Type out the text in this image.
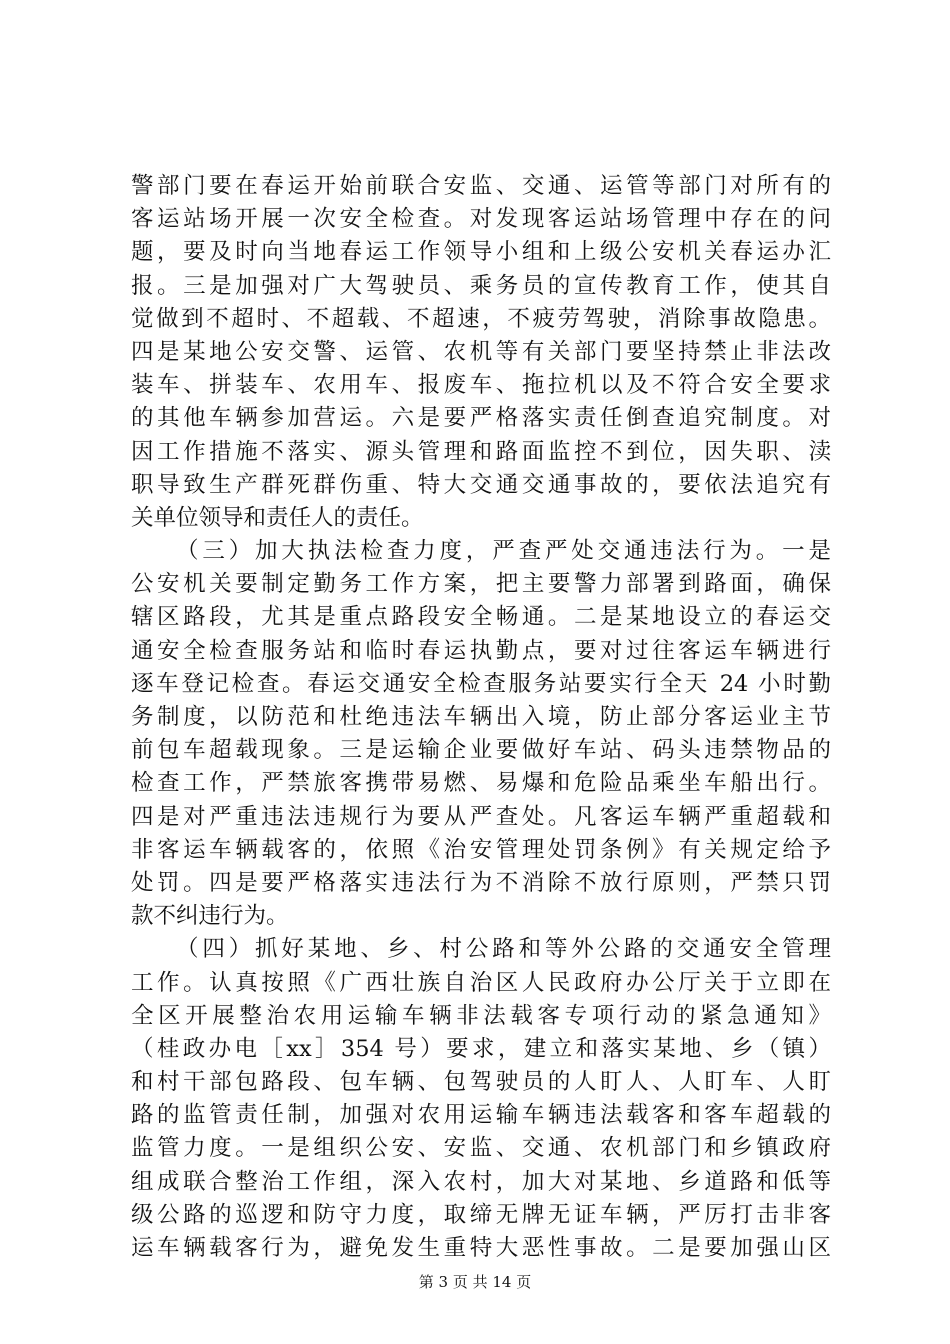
警部门要在春运开始前联合安监、交通、运管等部门对所有的
客运站场开展一次安全检查。对发现客运站场管理中存在的问
题，要及时向当地春运工作领导小组和上级公安机关春运办汇
报。三是加强对广大驾驶员、乘务员的宣传教育工作，使其自
觉做到不超时、不超载、不超速，不疲劳驾驶，消除事故隐患。
四是某地公安交警、运管、农机等有关部门要坚持禁止非法改
装车、拼装车、农用车、报废车、拖拉机以及不符合安全要求
的其他车辆参加营运。六是要严格落实责任倒查追究制度。对
因工作措施不落实、源头管理和路面监控不到位，因失职、渎
职导致生产群死群伤重、特大交通交通事故的，要依法追究有
关单位领导和责任人的责任。
（三）加大执法检查力度，严查严处交通违法行为。一是
公安机关要制定勤务工作方案，把主要警力部署到路面，确保
辖区路段，尤其是重点路段安全畅通。二是某地设立的春运交
通安全检查服务站和临时春运执勤点，要对过往客运车辆进行
逐车登记检查。春运交通安全检查服务站要实行全天 24 小时勤
务制度，以防范和杜绝违法车辆出入境，防止部分客运业主节
前包车超载现象。三是运输企业要做好车站、码头违禁物品的
检查工作，严禁旅客携带易燃、易爆和危险品乘坐车船出行。
四是对严重违法违规行为要从严查处。凡客运车辆严重超载和
非客运车辆载客的，依照《治安管理处罚条例》有关规定给予
处罚。四是要严格落实违法行为不消除不放行原则，严禁只罚
款不纠违行为。
（四）抓好某地、乡、村公路和等外公路的交通安全管理
工作。认真按照《广西壮族自治区人民政府办公厅关于立即在
全区开展整治农用运输车辆非法载客专项行动的紧急通知》
（桂政办电［xx］354 号）要求，建立和落实某地、乡（镇）
和村干部包路段、包车辆、包驾驶员的人盯人、人盯车、人盯
路的监管责任制，加强对农用运输车辆违法载客和客车超载的
监管力度。一是组织公安、安监、交通、农机部门和乡镇政府
组成联合整治工作组，深入农村，加大对某地、乡道路和低等
级公路的巡逻和防守力度，取缔无牌无证车辆，严厉打击非客
运车辆载客行为，避免发生重特大恶性事故。二是要加强山区
第 3 页 共 14 页
